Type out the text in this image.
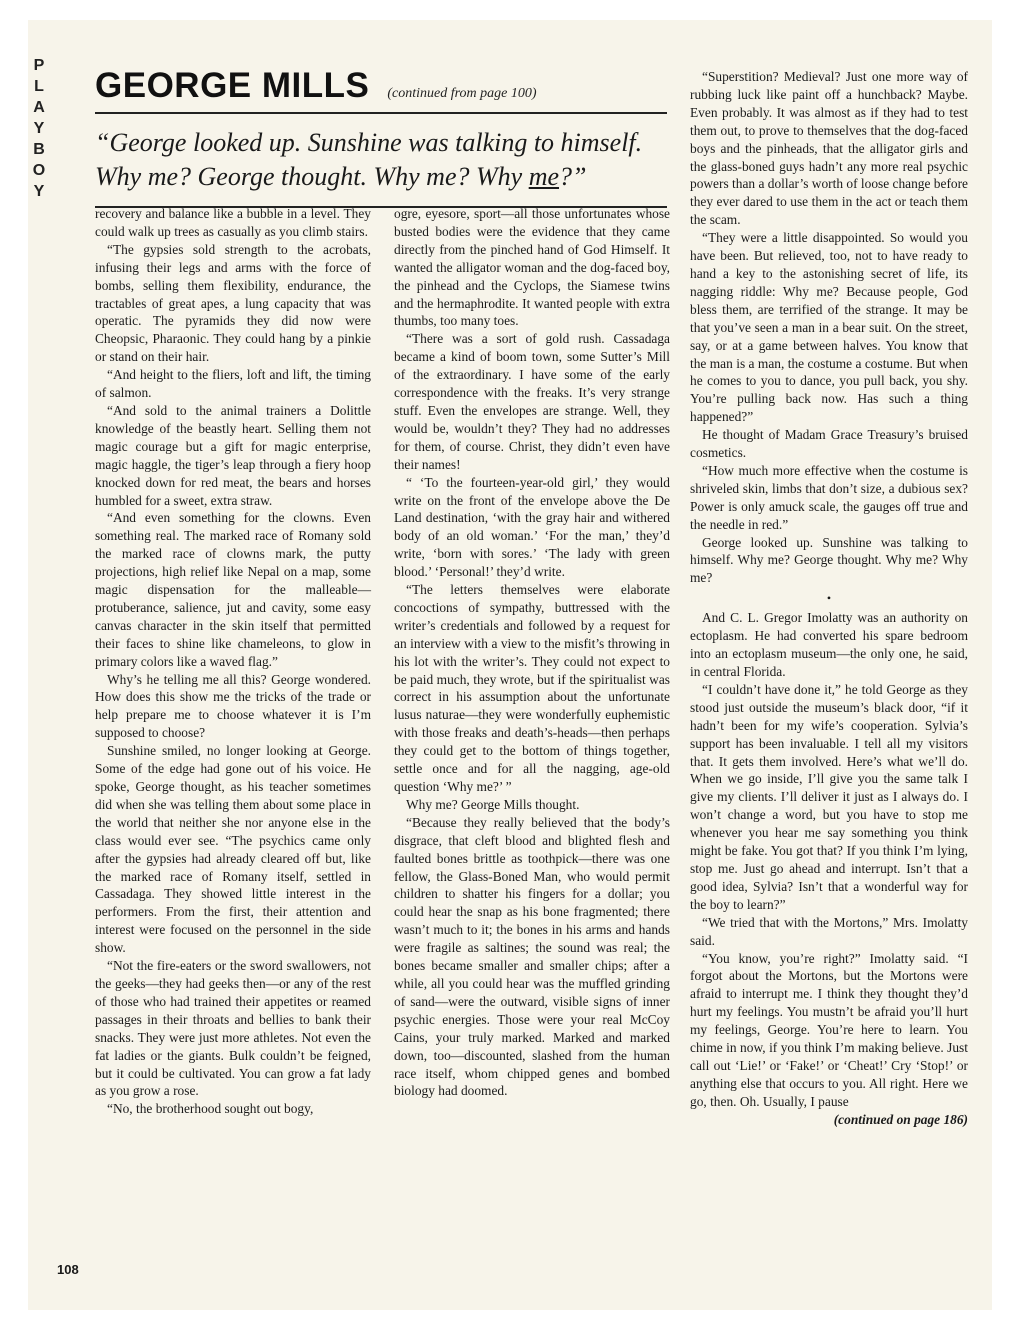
P
L
A
Y
B
O
Y
GEORGE MILLS (continued from page 100)
“George looked up. Sunshine was talking to himself.
Why me? George thought. Why me? Why me?”

recovery and balance like a bubble in a level. They could walk up trees as casually as you climb stairs.

“The gypsies sold strength to the acrobats, infusing their legs and arms with the force of bombs, selling them flexibility, endurance, the tractables of great apes, a lung capacity that was operatic. The pyramids they did now were Cheopsic, Pharaonic. They could hang by a pinkie or stand on their hair.

“And height to the fliers, loft and lift, the timing of salmon.

“And sold to the animal trainers a Dolittle knowledge of the beastly heart. Selling them not magic courage but a gift for magic enterprise, magic haggle, the tiger’s leap through a fiery hoop knocked down for red meat, the bears and horses humbled for a sweet, extra straw.

“And even something for the clowns. Even something real. The marked race of Romany sold the marked race of clowns mark, the putty projections, high relief like Nepal on a map, some magic dispensation for the malleable—protuberance, salience, jut and cavity, some easy canvas character in the skin itself that permitted their faces to shine like chameleons, to glow in primary colors like a waved flag.”

Why’s he telling me all this? George wondered. How does this show me the tricks of the trade or help prepare me to choose whatever it is I’m supposed to choose?

Sunshine smiled, no longer looking at George. Some of the edge had gone out of his voice. He spoke, George thought, as his teacher sometimes did when she was telling them about some place in the world that neither she nor anyone else in the class would ever see. “The psychics came only after the gypsies had already cleared off but, like the marked race of Romany itself, settled in Cassadaga. They showed little interest in the performers. From the first, their attention and interest were focused on the personnel in the side show.

“Not the fire-eaters or the sword swallowers, not the geeks—they had geeks then—or any of the rest of those who had trained their appetites or reamed passages in their throats and bellies to bank their snacks. They were just more athletes. Not even the fat ladies or the giants. Bulk couldn’t be feigned, but it could be cultivated. You can grow a fat lady as you grow a rose.

“No, the brotherhood sought out bogy,

ogre, eyesore, sport—all those unfortunates whose busted bodies were the evidence that they came directly from the pinched hand of God Himself. It wanted the alligator woman and the dog-faced boy, the pinhead and the Cyclops, the Siamese twins and the hermaphrodite. It wanted people with extra thumbs, too many toes.

“There was a sort of gold rush. Cassadaga became a kind of boom town, some Sutter’s Mill of the extraordinary. I have some of the early correspondence with the freaks. It’s very strange stuff. Even the envelopes are strange. Well, they would be, wouldn’t they? They had no addresses for them, of course. Christ, they didn’t even have their names!

“ ‘To the fourteen-year-old girl,’ they would write on the front of the envelope above the De Land destination, ‘with the gray hair and withered body of an old woman.’ ‘For the man,’ they’d write, ‘born with sores.’ ‘The lady with green blood.’ ‘Personal!’ they’d write.

“The letters themselves were elaborate concoctions of sympathy, buttressed with the writer’s credentials and followed by a request for an interview with a view to the misfit’s throwing in his lot with the writer’s. They could not expect to be paid much, they wrote, but if the spiritualist was correct in his assumption about the unfortunate lusus naturae—they were wonderfully euphemistic with those freaks and death’s-heads—then perhaps they could get to the bottom of things together, settle once and for all the nagging, age-old question ‘Why me?’ ”

Why me? George Mills thought.

“Because they really believed that the body’s disgrace, that cleft blood and blighted flesh and faulted bones brittle as toothpick—there was one fellow, the Glass-Boned Man, who would permit children to shatter his fingers for a dollar; you could hear the snap as his bone fragmented; there wasn’t much to it; the bones in his arms and hands were fragile as saltines; the sound was real; the bones became smaller and smaller chips; after a while, all you could hear was the muffled grinding of sand—were the outward, visible signs of inner psychic energies. Those were your real McCoy Cains, your truly marked. Marked and marked down, too—discounted, slashed from the human race itself, whom chipped genes and bombed biology had doomed.

“Superstition? Medieval? Just one more way of rubbing luck like paint off a hunchback? Maybe. Even probably. It was almost as if they had to test them out, to prove to themselves that the dog-faced boys and the pinheads, that the alligator girls and the glass-boned guys hadn’t any more real psychic powers than a dollar’s worth of loose change before they ever dared to use them in the act or teach them the scam.

“They were a little disappointed. So would you have been. But relieved, too, not to have ready to hand a key to the astonishing secret of life, its nagging riddle: Why me? Because people, God bless them, are terrified of the strange. It may be that you’ve seen a man in a bear suit. On the street, say, or at a game between halves. You know that the man is a man, the costume a costume. But when he comes to you to dance, you pull back, you shy. You’re pulling back now. Has such a thing happened?”

He thought of Madam Grace Treasury’s bruised cosmetics.

“How much more effective when the costume is shriveled skin, limbs that don’t size, a dubious sex? Power is only amuck scale, the gauges off true and the needle in red.”

George looked up. Sunshine was talking to himself. Why me? George thought. Why me? Why me?

•

And C. L. Gregor Imolatty was an authority on ectoplasm. He had converted his spare bedroom into an ectoplasm museum—the only one, he said, in central Florida.

“I couldn’t have done it,” he told George as they stood just outside the museum’s black door, “if it hadn’t been for my wife’s cooperation. Sylvia’s support has been invaluable. I tell all my visitors that. It gets them involved. Here’s what we’ll do. When we go inside, I’ll give you the same talk I give my clients. I’ll deliver it just as I always do. I won’t change a word, but you have to stop me whenever you hear me say something you think might be fake. You got that? If you think I’m lying, stop me. Just go ahead and interrupt. Isn’t that a good idea, Sylvia? Isn’t that a wonderful way for the boy to learn?”

“We tried that with the Mortons,” Mrs. Imolatty said.

“You know, you’re right?” Imolatty said. “I forgot about the Mortons, but the Mortons were afraid to interrupt me. I think they thought they’d hurt my feelings. You mustn’t be afraid you’ll hurt my feelings, George. You’re here to learn. You chime in now, if you think I’m making believe. Just call out ‘Lie!’ or ‘Fake!’ or ‘Cheat!’ Cry ‘Stop!’ or anything else that occurs to you. All right. Here we go, then. Oh. Usually, I pause

(continued on page 186)

108
